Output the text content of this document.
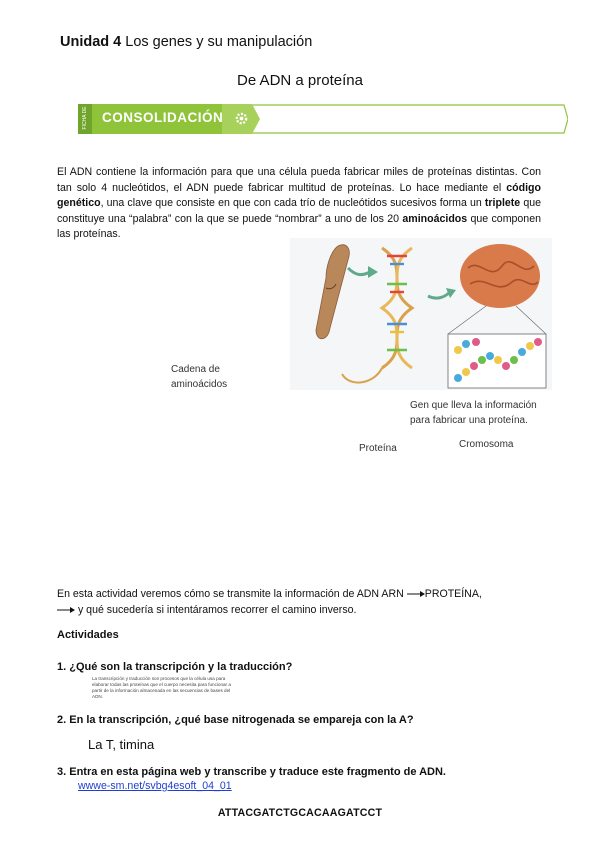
Unidad 4 Los genes y su manipulación
De ADN a proteína
FICHA DE CONSOLIDACIÓN
El ADN contiene la información para que una célula pueda fabricar miles de proteínas distintas. Con tan solo 4 nucleótidos, el ADN puede fabricar multitud de proteínas. Lo hace mediante el código genético, una clave que consiste en que con cada trío de nucleótidos sucesivos forma un triplete que constituye una “palabra” con la que se puede “nombrar” a uno de los 20 aminoácidos que componen las proteínas.
Cadena de aminoácidos
Gen que lleva la información para fabricar una proteína.
Proteína	Cromosoma
En esta actividad veremos cómo se transmite la información de ADN ARN PROTEÍNA,
y qué sucedería si intentáramos recorrer el camino inverso.
Actividades
1. ¿Qué son la transcripción y la traducción?
La transcripción y traducción son procesos que la célula usa para elaborar todas las proteínas que el cuerpo necesita para funcionar a partir de la información almacenada en las secuencias de bases del ADN.
2. En la transcripción, ¿qué base nitrogenada se empareja con la A?
La T, timina
3. Entra en esta página web y transcribe y traduce este fragmento de ADN.
wwwe-sm.net/svbg4esoft_04_01
ATTACGATCTGCACAAGATCCT
